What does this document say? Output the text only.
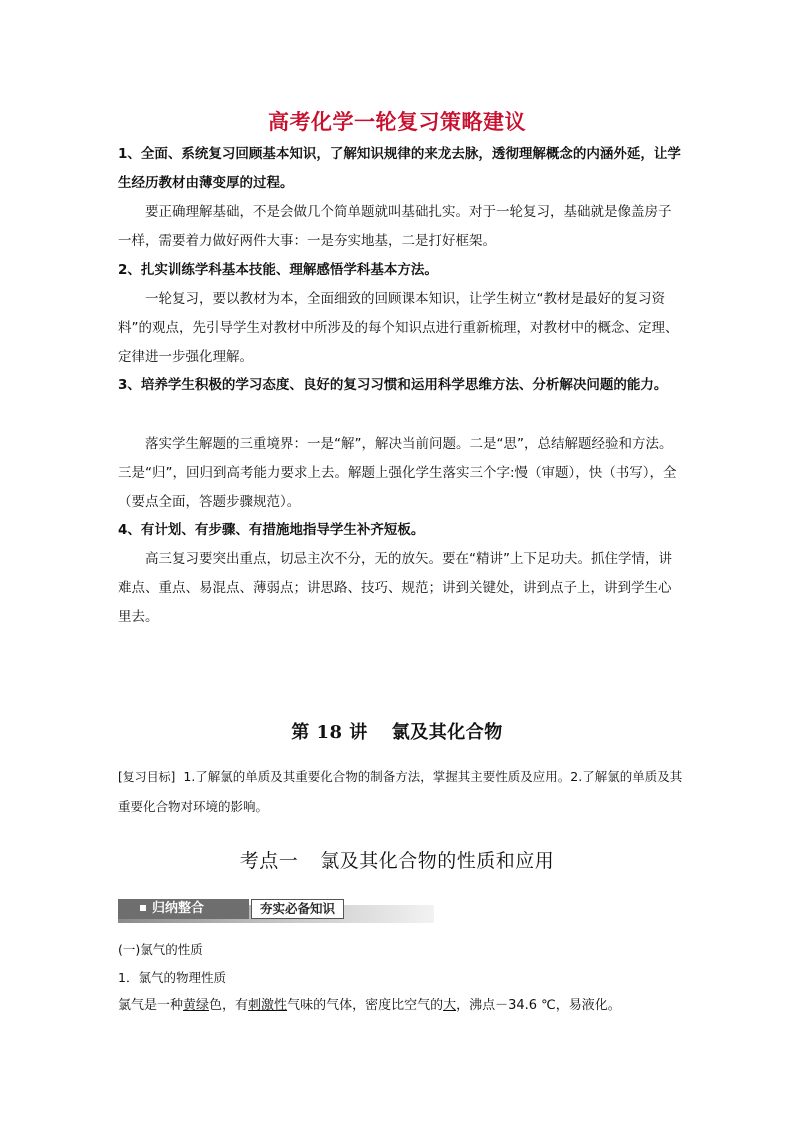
高考化学一轮复习策略建议

1、全面、系统复习回顾基本知识，了解知识规律的来龙去脉，透彻理解概念的内涵外延，让学生经历教材由薄变厚的过程。

要正确理解基础，不是会做几个简单题就叫基础扎实。对于一轮复习，基础就是像盖房子一样，需要着力做好两件大事：一是夯实地基，二是打好框架。

2、扎实训练学科基本技能、理解感悟学科基本方法。

一轮复习，要以教材为本，全面细致的回顾课本知识，让学生树立“教材是最好的复习资料”的观点，先引导学生对教材中所涉及的每个知识点进行重新梳理，对教材中的概念、定理、定律进一步强化理解。

3、培养学生积极的学习态度、良好的复习习惯和运用科学思维方法、分析解决问题的能力。

落实学生解题的三重境界：一是“解”，解决当前问题。二是“思”，总结解题经验和方法。三是“归”，回归到高考能力要求上去。解题上强化学生落实三个字:慢（审题），快（书写），全（要点全面，答题步骤规范）。

4、有计划、有步骤、有措施地指导学生补齐短板。

高三复习要突出重点，切忌主次不分，无的放矢。要在“精讲”上下足功夫。抓住学情，讲难点、重点、易混点、薄弱点；讲思路、技巧、规范；讲到关键处，讲到点子上，讲到学生心里去。

第 18 讲 氯及其化合物

[复习目标] 1.了解氯的单质及其重要化合物的制备方法，掌握其主要性质及应用。2.了解氯的单质及其重要化合物对环境的影响。

考点一 氯及其化合物的性质和应用
归纳整合	夯实必备知识
(一)氯气的性质
1．氯气的物理性质
氯气是一种黄绿色，有刺激性气味的气体，密度比空气的大，沸点－34.6 ℃，易液化。
